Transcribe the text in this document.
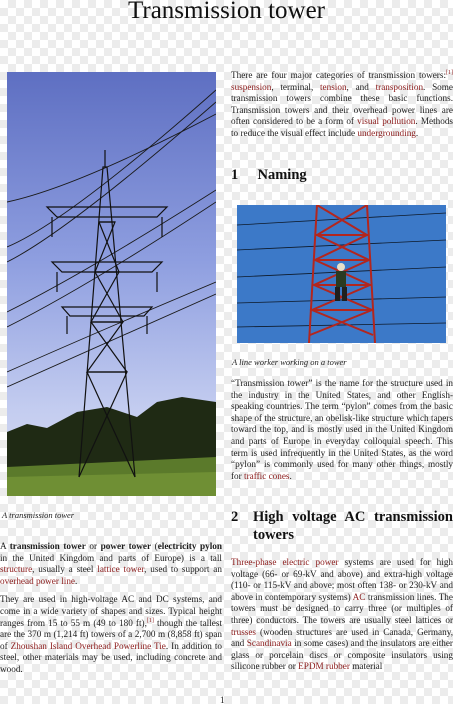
Transmission tower
A transmission tower

A transmission tower or power tower (electricity pylon in the United Kingdom and parts of Europe) is a tall structure, usually a steel lattice tower, used to support an overhead power line.

They are used in high-voltage AC and DC systems, and come in a wide variety of shapes and sizes. Typical height ranges from 15 to 55 m (49 to 180 ft),[1] though the tallest are the 370 m (1,214 ft) towers of a 2,700 m (8,858 ft) span of Zhoushan Island Overhead Powerline Tie. In addition to steel, other materials may be used, including concrete and wood.

There are four major categories of transmission towers:[1] suspension, terminal, tension, and transposition. Some transmission towers combine these basic functions. Transmission towers and their overhead power lines are often considered to be a form of visual pollution. Methods to reduce the visual effect include undergrounding.

1 Naming
A line worker working on a tower

“Transmission tower” is the name for the structure used in the industry in the United States, and other English-speaking countries. The term “pylon” comes from the basic shape of the structure, an obelisk-like structure which tapers toward the top, and is mostly used in the United Kingdom and parts of Europe in everyday colloquial speech. This term is used infrequently in the United States, as the word “pylon” is commonly used for many other things, mostly for traffic cones.

2	High voltage AC transmission towers

Three-phase electric power systems are used for high voltage (66- or 69-kV and above) and extra-high voltage (110- or 115-kV and above; most often 138- or 230-kV and above in contemporary systems) AC transmission lines. The towers must be designed to carry three (or multiples of three) conductors. The towers are usually steel lattices or trusses (wooden structures are used in Canada, Germany, and Scandinavia in some cases) and the insulators are either glass or porcelain discs or composite insulators using silicone rubber or EPDM rubber material

1
